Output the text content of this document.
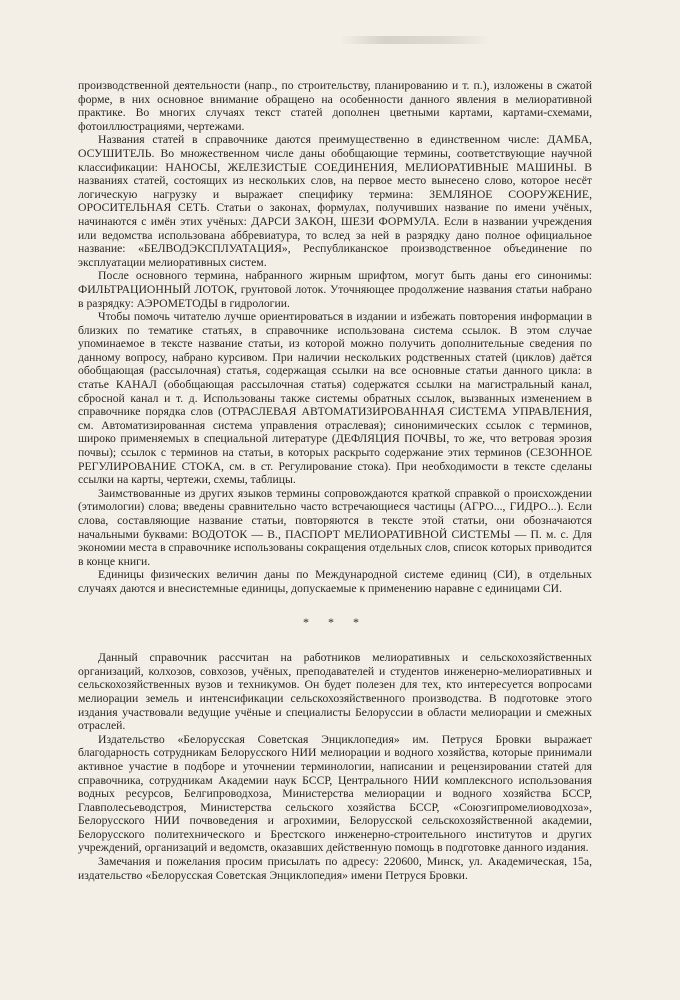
производственной деятельности (напр., по строительству, планированию и т. п.), изложены в сжатой форме, в них основное внимание обращено на особенности данного явления в мелиоративной практике. Во многих случаях текст статей дополнен цветными картами, картами-схемами, фотоиллюстрациями, чертежами.

Названия статей в справочнике даются преимущественно в единственном числе: ДАМБА, ОСУШИТЕЛЬ. Во множественном числе даны обобщающие термины, соответствующие научной классификации: НАНОСЫ, ЖЕЛЕЗИСТЫЕ СОЕДИНЕНИЯ, МЕЛИОРАТИВНЫЕ МАШИНЫ. В названиях статей, состоящих из нескольких слов, на первое место вынесено слово, которое несёт логическую нагрузку и выражает специфику термина: ЗЕМЛЯНОЕ СООРУЖЕНИЕ, ОРОСИТЕЛЬНАЯ СЕТЬ. Статьи о законах, формулах, получивших название по имени учёных, начинаются с имён этих учёных: ДАРСИ ЗАКОН, ШЕЗИ ФОРМУЛА. Если в названии учреждения или ведомства использована аббревиатура, то вслед за ней в разрядку дано полное официальное название: «БЕЛВОДЭКСПЛУАТАЦИЯ», Республиканское производственное объединение по эксплуатации мелиоративных систем.

После основного термина, набранного жирным шрифтом, могут быть даны его синонимы: ФИЛЬТРАЦИОННЫЙ ЛОТОК, грунтовой лоток. Уточняющее продолжение названия статьи набрано в разрядку: АЭРОМЕТОДЫ в гидрологии.

Чтобы помочь читателю лучше ориентироваться в издании и избежать повторения информации в близких по тематике статьях, в справочнике использована система ссылок. В этом случае упоминаемое в тексте название статьи, из которой можно получить дополнительные сведения по данному вопросу, набрано курсивом. При наличии нескольких родственных статей (циклов) даётся обобщающая (рассылочная) статья, содержащая ссылки на все основные статьи данного цикла: в статье КАНАЛ (обобщающая рассылочная статья) содержатся ссылки на магистральный канал, сбросной канал и т. д. Использованы также системы обратных ссылок, вызванных изменением в справочнике порядка слов (ОТРАСЛЕВАЯ АВТОМАТИЗИРОВАННАЯ СИСТЕМА УПРАВЛЕНИЯ, см. Автоматизированная система управления отраслевая); синонимических ссылок с терминов, широко применяемых в специальной литературе (ДЕФЛЯЦИЯ ПОЧВЫ, то же, что ветровая эрозия почвы); ссылок с терминов на статьи, в которых раскрыто содержание этих терминов (СЕЗОННОЕ РЕГУЛИРОВАНИЕ СТОКА, см. в ст. Регулирование стока). При необходимости в тексте сделаны ссылки на карты, чертежи, схемы, таблицы.

Заимствованные из других языков термины сопровождаются краткой справкой о происхождении (этимологии) слова; введены сравнительно часто встречающиеся частицы (АГРО..., ГИДРО...). Если слова, составляющие название статьи, повторяются в тексте этой статьи, они обозначаются начальными буквами: ВОДОТОК — В., ПАСПОРТ МЕЛИОРАТИВНОЙ СИСТЕМЫ — П. м. с. Для экономии места в справочнике использованы сокращения отдельных слов, список которых приводится в конце книги.

Единицы физических величин даны по Международной системе единиц (СИ), в отдельных случаях даются и внесистемные единицы, допускаемые к применению наравне с единицами СИ.

* * *

Данный справочник рассчитан на работников мелиоративных и сельскохозяйственных организаций, колхозов, совхозов, учёных, преподавателей и студентов инженерно-мелиоративных и сельскохозяйственных вузов и техникумов. Он будет полезен для тех, кто интересуется вопросами мелиорации земель и интенсификации сельскохозяйственного производства. В подготовке этого издания участвовали ведущие учёные и специалисты Белоруссии в области мелиорации и смежных отраслей.

Издательство «Белорусская Советская Энциклопедия» им. Петруся Бровки выражает благодарность сотрудникам Белорусского НИИ мелиорации и водного хозяйства, которые принимали активное участие в подборе и уточнении терминологии, написании и рецензировании статей для справочника, сотрудникам Академии наук БССР, Центрального НИИ комплексного использования водных ресурсов, Белгипроводхоза, Министерства мелиорации и водного хозяйства БССР, Главполесьеводстроя, Министерства сельского хозяйства БССР, «Союзгипромелиоводхоза», Белорусского НИИ почвоведения и агрохимии, Белорусской сельскохозяйственной академии, Белорусского политехнического и Брестского инженерно-строительного институтов и других учреждений, организаций и ведомств, оказавших действенную помощь в подготовке данного издания.

Замечания и пожелания просим присылать по адресу: 220600, Минск, ул. Академическая, 15а, издательство «Белорусская Советская Энциклопедия» имени Петруся Бровки.
